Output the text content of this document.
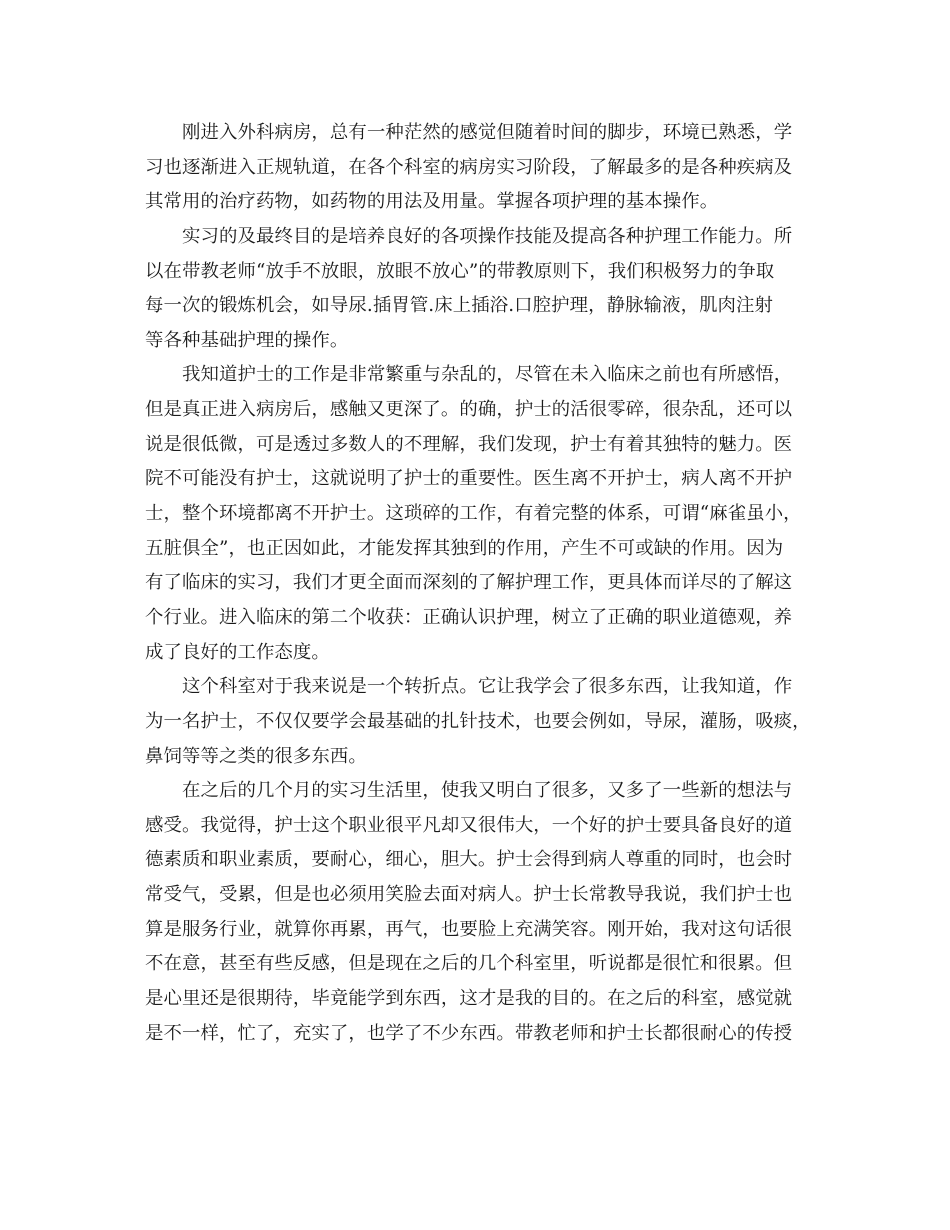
刚进入外科病房，总有一种茫然的感觉但随着时间的脚步，环境已熟悉，学
习也逐渐进入正规轨道，在各个科室的病房实习阶段，了解最多的是各种疾病及
其常用的治疗药物，如药物的用法及用量。掌握各项护理的基本操作。
实习的及最终目的是培养良好的各项操作技能及提高各种护理工作能力。所
以在带教老师“放手不放眼，放眼不放心”的带教原则下，我们积极努力的争取
每一次的锻炼机会，如导尿.插胃管.床上插浴.口腔护理，静脉输液，肌肉注射
等各种基础护理的操作。
我知道护士的工作是非常繁重与杂乱的，尽管在未入临床之前也有所感悟，
但是真正进入病房后，感触又更深了。的确，护士的活很零碎，很杂乱，还可以
说是很低微，可是透过多数人的不理解，我们发现，护士有着其独特的魅力。医
院不可能没有护士，这就说明了护士的重要性。医生离不开护士，病人离不开护
士，整个环境都离不开护士。这琐碎的工作，有着完整的体系，可谓“麻雀虽小，
五脏俱全”，也正因如此，才能发挥其独到的作用，产生不可或缺的作用。因为
有了临床的实习，我们才更全面而深刻的了解护理工作，更具体而详尽的了解这
个行业。进入临床的第二个收获：正确认识护理，树立了正确的职业道德观，养
成了良好的工作态度。
这个科室对于我来说是一个转折点。它让我学会了很多东西，让我知道，作
为一名护士，不仅仅要学会最基础的扎针技术，也要会例如，导尿，灌肠，吸痰，
鼻饲等等之类的很多东西。
在之后的几个月的实习生活里，使我又明白了很多，又多了一些新的想法与
感受。我觉得，护士这个职业很平凡却又很伟大，一个好的护士要具备良好的道
德素质和职业素质，要耐心，细心，胆大。护士会得到病人尊重的同时，也会时
常受气，受累，但是也必须用笑脸去面对病人。护士长常教导我说，我们护士也
算是服务行业，就算你再累，再气，也要脸上充满笑容。刚开始，我对这句话很
不在意，甚至有些反感，但是现在之后的几个科室里，听说都是很忙和很累。但
是心里还是很期待，毕竟能学到东西，这才是我的目的。在之后的科室，感觉就
是不一样，忙了，充实了，也学了不少东西。带教老师和护士长都很耐心的传授
